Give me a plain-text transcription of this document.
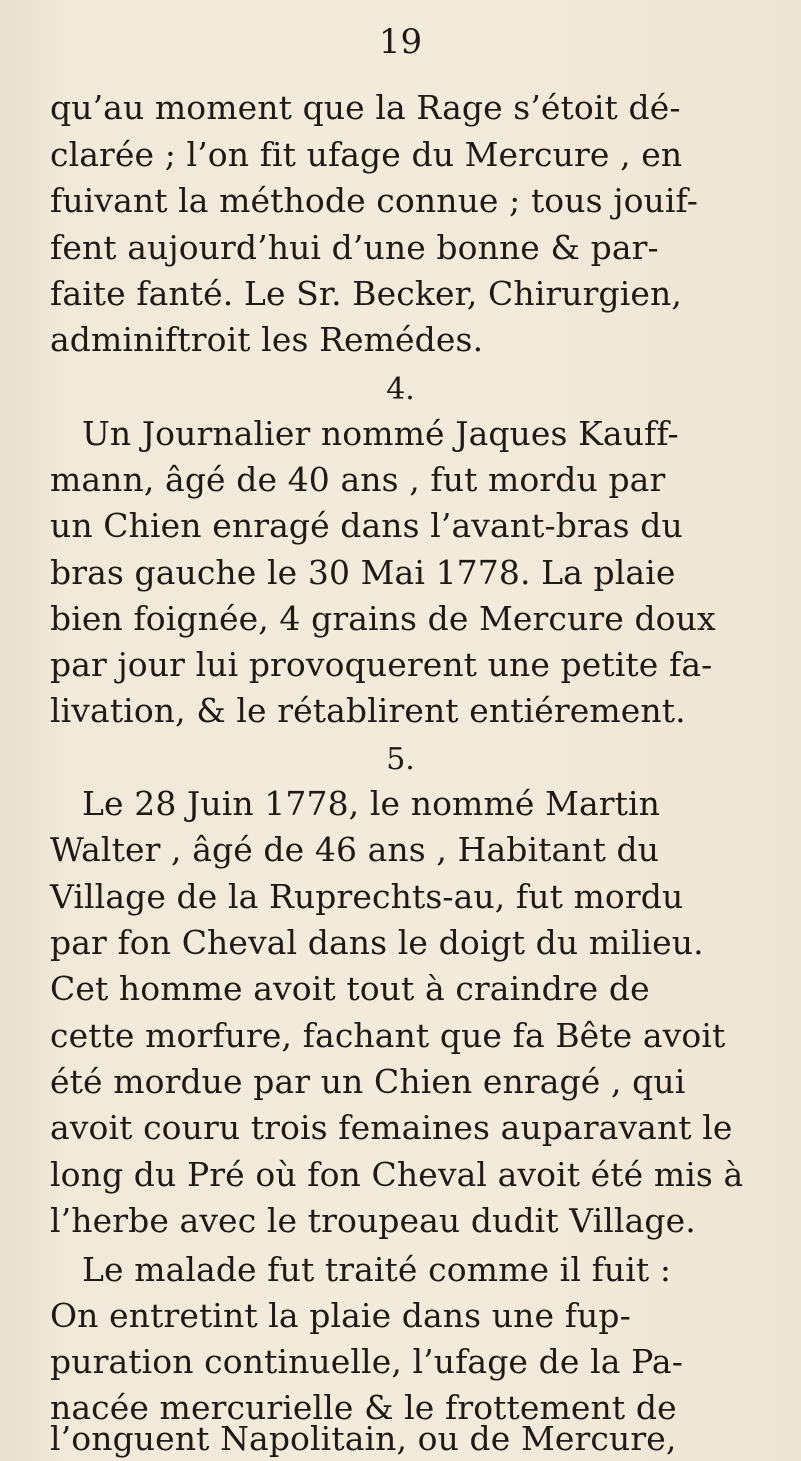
19
qu’au moment que la Rage s’étoit dé-
clarée ; l’on fit ufage du Mercure , en
fuivant la méthode connue ; tous jouif-
fent aujourd’hui d’une bonne & par-
faite fanté. Le Sr. Becker, Chirurgien,
adminiftroit les Remédes.
4.
Un Journalier nommé Jaques Kauff-
mann, âgé de 40 ans , fut mordu par
un Chien enragé dans l’avant-bras du
bras gauche le 30 Mai 1778. La plaie
bien foignée, 4 grains de Mercure doux
par jour lui provoquerent une petite fa-
livation, & le rétablirent entiérement.
5.
Le 28 Juin 1778, le nommé Martin
Walter , âgé de 46 ans , Habitant du
Village de la Ruprechts-au, fut mordu
par fon Cheval dans le doigt du milieu.
Cet homme avoit tout à craindre de
cette morfure, fachant que fa Bête avoit
été mordue par un Chien enragé , qui
avoit couru trois femaines auparavant le
long du Pré où fon Cheval avoit été mis à
l’herbe avec le troupeau dudit Village.
Le malade fut traité comme il fuit :
On entretint la plaie dans une fup-
puration continuelle, l’ufage de la Pa-
nacée mercurielle & le frottement de
l’onguent Napolitain, ou de Mercure,
